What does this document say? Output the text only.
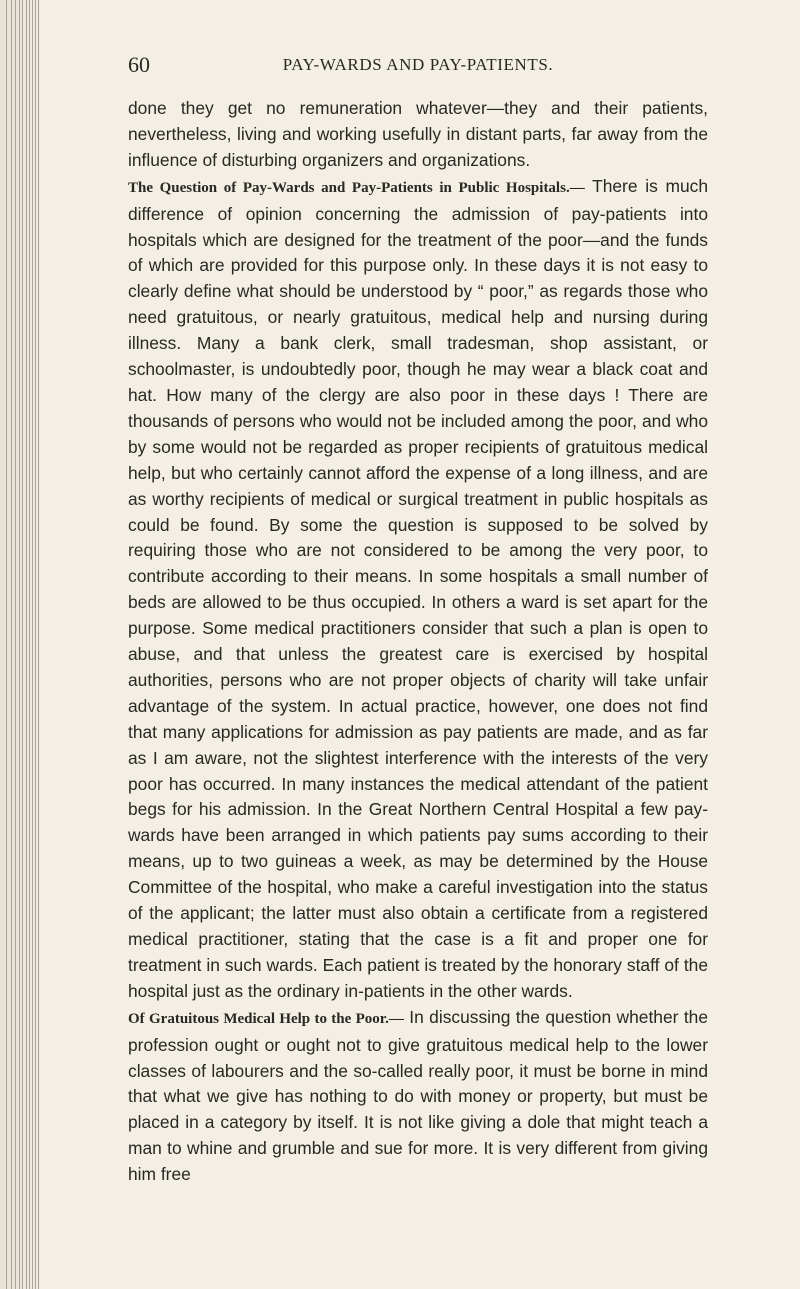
60	PAY-WARDS AND PAY-PATIENTS.

done they get no remuneration whatever—they and their patients, nevertheless, living and working usefully in distant parts, far away from the influence of disturbing organizers and organizations.

The Question of Pay-Wards and Pay-Patients in Public Hospitals.— There is much difference of opinion concerning the admission of pay-patients into hospitals which are designed for the treatment of the poor—and the funds of which are provided for this purpose only. In these days it is not easy to clearly define what should be understood by “ poor,” as regards those who need gratuitous, or nearly gratuitous, medical help and nursing during illness. Many a bank clerk, small tradesman, shop assistant, or schoolmaster, is undoubtedly poor, though he may wear a black coat and hat. How many of the clergy are also poor in these days ! There are thousands of persons who would not be included among the poor, and who by some would not be regarded as proper recipients of gratuitous medical help, but who certainly cannot afford the expense of a long illness, and are as worthy recipients of medical or surgical treatment in public hospitals as could be found. By some the question is supposed to be solved by requiring those who are not considered to be among the very poor, to contribute according to their means. In some hospitals a small number of beds are allowed to be thus occupied. In others a ward is set apart for the purpose. Some medical practitioners consider that such a plan is open to abuse, and that unless the greatest care is exercised by hospital authorities, persons who are not proper objects of charity will take unfair advantage of the system. In actual practice, however, one does not find that many applications for admission as pay patients are made, and as far as I am aware, not the slightest interference with the interests of the very poor has occurred. In many instances the medical attendant of the patient begs for his admission. In the Great Northern Central Hospital a few pay-wards have been arranged in which patients pay sums according to their means, up to two guineas a week, as may be determined by the House Committee of the hospital, who make a careful investigation into the status of the applicant; the latter must also obtain a certificate from a registered medical practitioner, stating that the case is a fit and proper one for treatment in such wards. Each patient is treated by the honorary staff of the hospital just as the ordinary in-patients in the other wards.

Of Gratuitous Medical Help to the Poor.— In discussing the question whether the profession ought or ought not to give gratuitous medical help to the lower classes of labourers and the so-called really poor, it must be borne in mind that what we give has nothing to do with money or property, but must be placed in a category by itself. It is not like giving a dole that might teach a man to whine and grumble and sue for more. It is very different from giving him free
